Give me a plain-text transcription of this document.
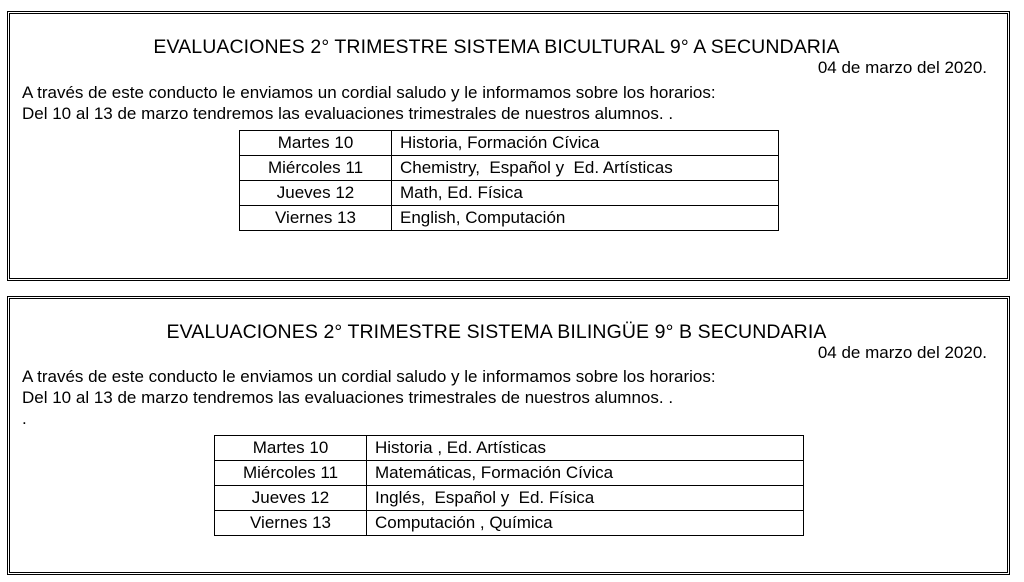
EVALUACIONES 2° TRIMESTRE SISTEMA BICULTURAL 9° A SECUNDARIA
04 de marzo del 2020.
A través de este conducto le enviamos un cordial saludo y le informamos sobre los horarios:
Del 10 al 13 de marzo tendremos las evaluaciones trimestrales de nuestros alumnos. .
Martes 10	Historia, Formación Cívica
Miércoles 11	Chemistry,  Español y  Ed. Artísticas
Jueves 12	Math, Ed. Física
Viernes 13	English, Computación
EVALUACIONES 2° TRIMESTRE SISTEMA BILINGÜE 9° B SECUNDARIA
04 de marzo del 2020.
A través de este conducto le enviamos un cordial saludo y le informamos sobre los horarios:
Del 10 al 13 de marzo tendremos las evaluaciones trimestrales de nuestros alumnos. .
.
Martes 10	Historia , Ed. Artísticas
Miércoles 11	Matemáticas, Formación Cívica
Jueves 12	Inglés,  Español y  Ed. Física
Viernes 13	Computación , Química
